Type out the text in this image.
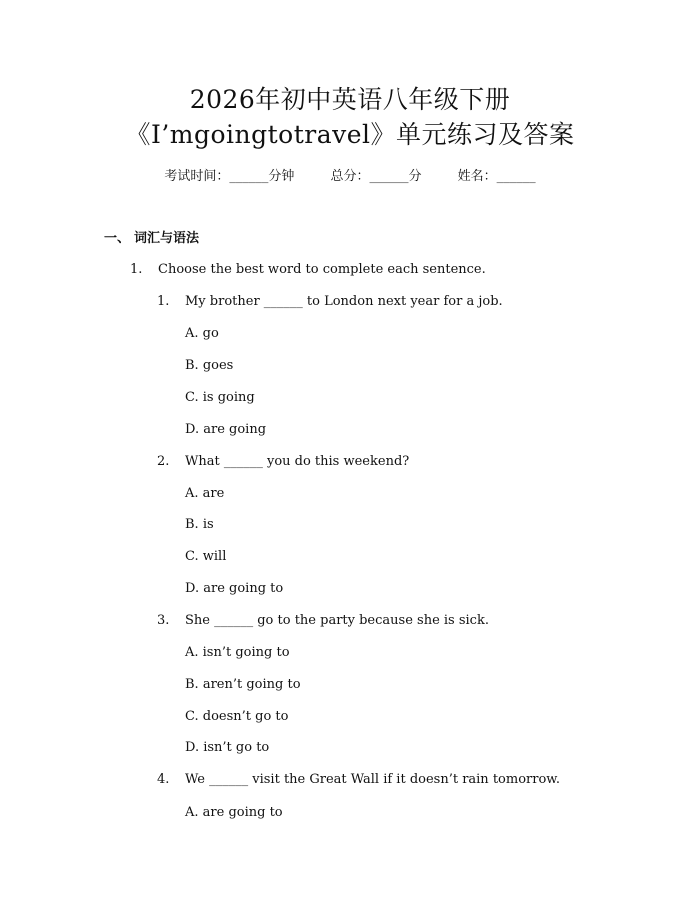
2026年初中英语八年级下册
《I’mgoingtotravel》单元练习及答案
考试时间：______分钟	总分：______分	姓名：______
一、 词汇与语法
1. Choose the best word to complete each sentence.
1. My brother ______ to London next year for a job.
A. go
B. goes
C. is going
D. are going
2. What ______ you do this weekend?
A. are
B. is
C. will
D. are going to
3. She ______ go to the party because she is sick.
A. isn’t going to
B. aren’t going to
C. doesn’t go to
D. isn’t go to
4. We ______ visit the Great Wall if it doesn’t rain tomorrow.
A. are going to
